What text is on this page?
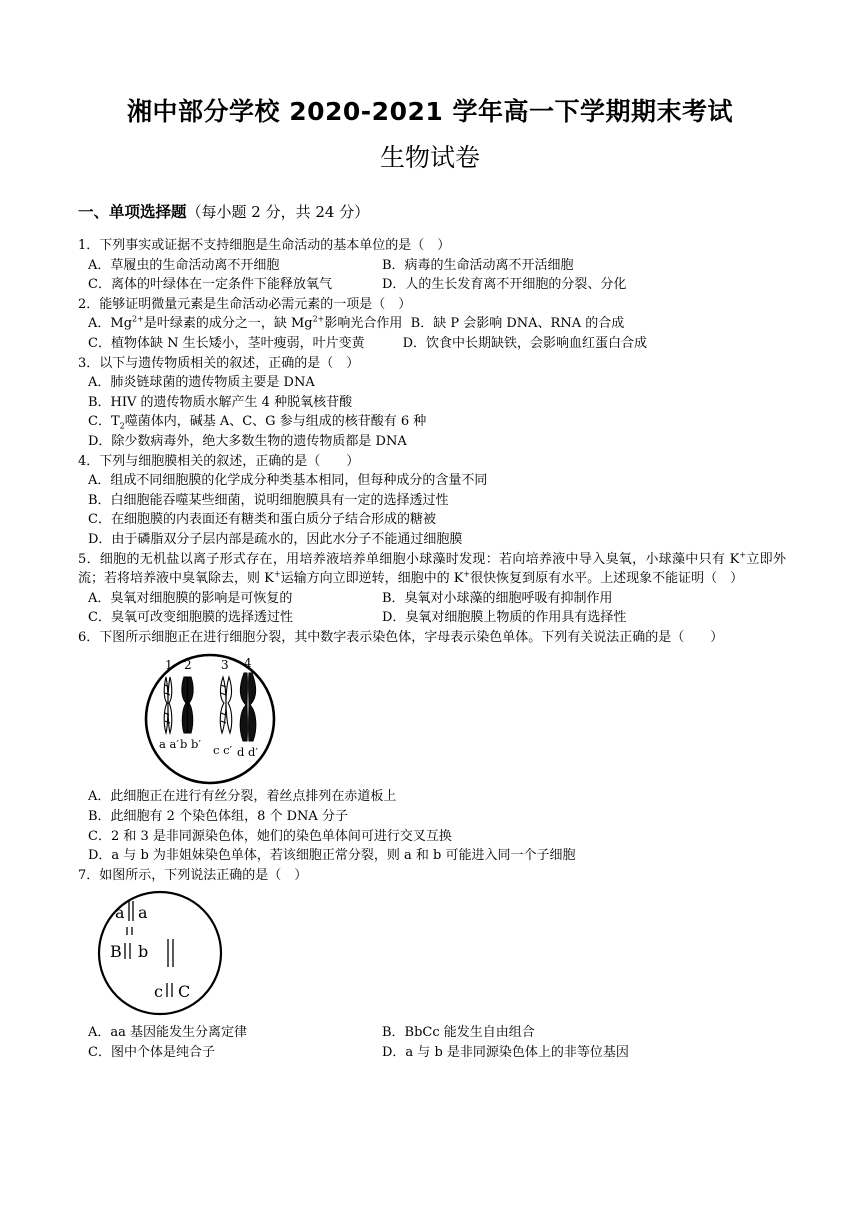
湘中部分学校 2020-2021 学年高一下学期期末考试
生物试卷
一、单项选择题（每小题 2 分，共 24 分）
1．下列事实或证据不支持细胞是生命活动的基本单位的是（　）
A．草履虫的生命活动离不开细胞	B．病毒的生命活动离不开活细胞
C．离体的叶绿体在一定条件下能释放氧气	D．人的生长发育离不开细胞的分裂、分化
2．能够证明微量元素是生命活动必需元素的一项是（　）
A．$Mg^{2+}$是叶绿素的成分之一，缺 $Mg^{2+}$影响光合作用 B．缺 P 会影响 DNA、RNA 的合成
C．植物体缺 N 生长矮小，茎叶瘦弱，叶片变黄	D．饮食中长期缺铁，会影响血红蛋白合成
3．以下与遗传物质相关的叙述，正确的是（　）
A．肺炎链球菌的遗传物质主要是 DNA
B．HIV 的遗传物质水解产生 4 种脱氧核苷酸
C．$T_2$噬菌体内，碱基 A、C、G 参与组成的核苷酸有 6 种
D．除少数病毒外，绝大多数生物的遗传物质都是 DNA
4．下列与细胞膜相关的叙述，正确的是（　　）
A．组成不同细胞膜的化学成分种类基本相同，但每种成分的含量不同
B．白细胞能吞噬某些细菌，说明细胞膜具有一定的选择透过性
C．在细胞膜的内表面还有糖类和蛋白质分子结合形成的糖被
D．由于磷脂双分子层内部是疏水的，因此水分子不能通过细胞膜
5．细胞的无机盐以离子形式存在，用培养液培养单细胞小球藻时发现：若向培养液中导入臭氧，小球藻中只有 K+立即外流；若将培养液中臭氧除去，则 K+运输方向立即逆转，细胞中的 K+很快恢复到原有水平。上述现象不能证明（　）
A．臭氧对细胞膜的影响是可恢复的	B．臭氧对小球藻的细胞呼吸有抑制作用
C．臭氧可改变细胞膜的选择透过性	D．臭氧对细胞膜上物质的作用具有选择性
6．下图所示细胞正在进行细胞分裂，其中数字表示染色体，字母表示染色单体。下列有关说法正确的是（　　）
1 2 3 4
a a′ b b′ c c′ d d′
A．此细胞正在进行有丝分裂，着丝点排列在赤道板上
B．此细胞有 2 个染色体组，8 个 DNA 分子
C．2 和 3 是非同源染色体，她们的染色单体间可进行交叉互换
D．a 与 b 为非姐妹染色单体，若该细胞正常分裂，则 a 和 b 可能进入同一个子细胞
7．如图所示，下列说法正确的是（　）
a a
B b
c C
A．aa 基因能发生分离定律	B．BbCc 能发生自由组合
C．图中个体是纯合子	D．a 与 b 是非同源染色体上的非等位基因
